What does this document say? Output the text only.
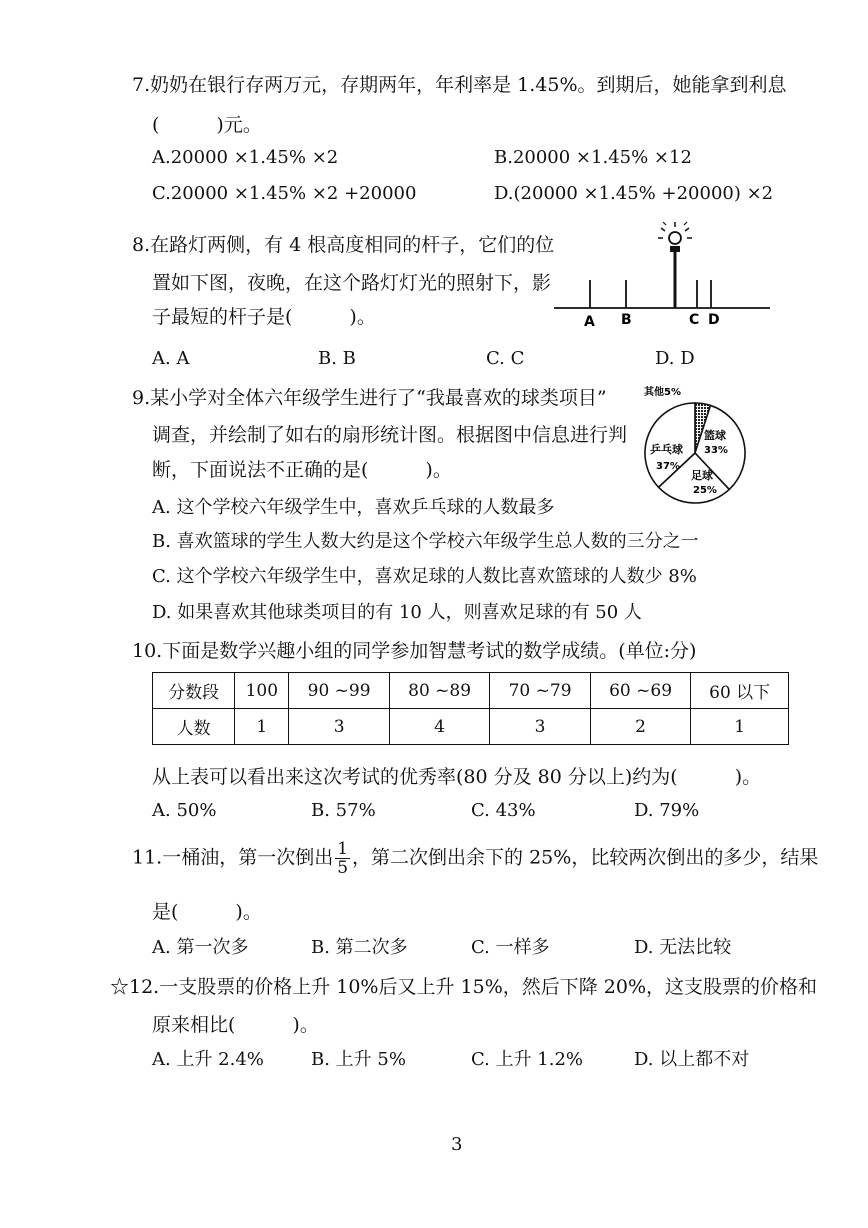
7.奶奶在银行存两万元，存期两年，年利率是 1.45%。到期后，她能拿到利息
(　　　)元。
A.20000 ×1.45% ×2	B.20000 ×1.45% ×12
C.20000 ×1.45% ×2 +20000	D.(20000 ×1.45% +20000) ×2
8.在路灯两侧，有 4 根高度相同的杆子，它们的位
置如下图，夜晚，在这个路灯灯光的照射下，影
子最短的杆子是(　　　)。	A B	C D
A. A	B. B	C. C	D. D
9.某小学对全体六年级学生进行了“我最喜欢的球类项目”
调查，并绘制了如右的扇形统计图。根据图中信息进行判
断，下面说法不正确的是(　　　)。
其他5%
篮球
33%
足球
25%
乒乓球
37%
A. 这个学校六年级学生中，喜欢乒乓球的人数最多
B. 喜欢篮球的学生人数大约是这个学校六年级学生总人数的三分之一
C. 这个学校六年级学生中，喜欢足球的人数比喜欢篮球的人数少 8%
D. 如果喜欢其他球类项目的有 10 人，则喜欢足球的有 50 人
10.下面是数学兴趣小组的同学参加智慧考试的数学成绩。(单位:分)
分数段	100	90 ~99	80 ~89	70 ~79	60 ~69	60 以下
人数	1	3	4	3	2	1
从上表可以看出来这次考试的优秀率(80 分及 80 分以上)约为(　　　)。
A. 50%	B. 57%	C. 43%	D. 79%
11.一桶油，第一次倒出 $\frac{1}{5}$ ，第二次倒出余下的 25%，比较两次倒出的多少，结果
是(　　　)。
A. 第一次多	B. 第二次多	C. 一样多	D. 无法比较
☆12.一支股票的价格上升 10%后又上升 15%，然后下降 20%，这支股票的价格和
原来相比(　　　)。
A. 上升 2.4%	B. 上升 5%	C. 上升 1.2%	D. 以上都不对
3
